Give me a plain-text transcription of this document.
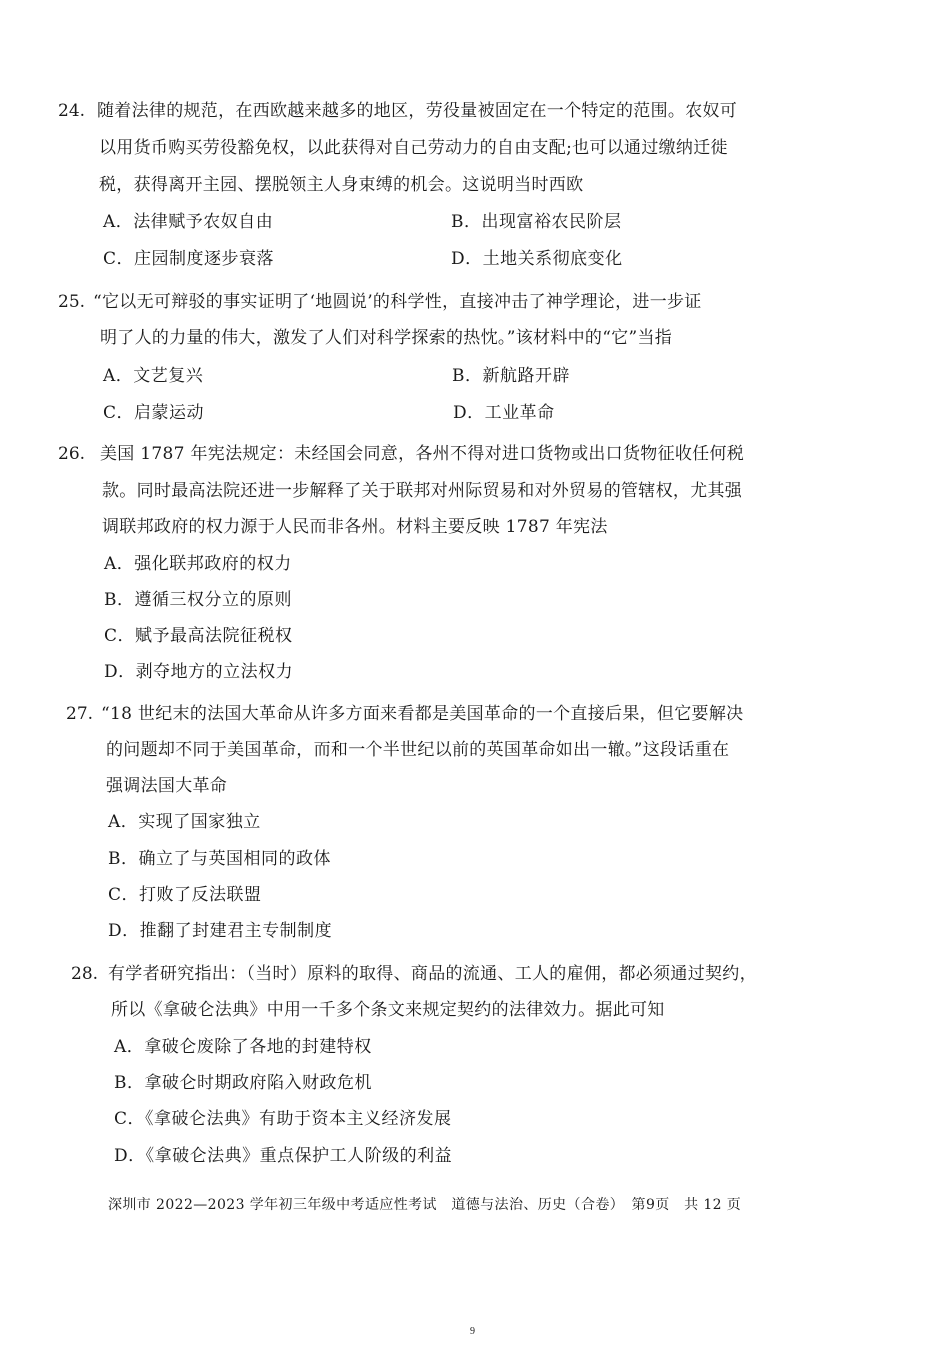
24. 随着法律的规范，在西欧越来越多的地区，劳役量被固定在一个特定的范围。农奴可
以用货币购买劳役豁免权，以此获得对自己劳动力的自由支配;也可以通过缴纳迁徙
税，获得离开主园、摆脱领主人身束缚的机会。这说明当时西欧
A．法律赋予农奴自由	B．出现富裕农民阶层
C．庄园制度逐步衰落	D．土地关系彻底变化
25. “它以无可辩驳的事实证明了‘地圆说’的科学性，直接冲击了神学理论，进一步证
明了人的力量的伟大，激发了人们对科学探索的热忱。”该材料中的“它”当指
A．文艺复兴	B．新航路开辟
C．启蒙运动	D．工业革命
26. 美国 1787 年宪法规定：未经国会同意，各州不得对进口货物或出口货物征收任何税
款。同时最高法院还进一步解释了关于联邦对州际贸易和对外贸易的管辖权，尤其强
调联邦政府的权力源于人民而非各州。材料主要反映 1787 年宪法
A．强化联邦政府的权力
B．遵循三权分立的原则
C．赋予最高法院征税权
D．剥夺地方的立法权力
27. “18 世纪末的法国大革命从许多方面来看都是美国革命的一个直接后果，但它要解决
的问题却不同于美国革命，而和一个半世纪以前的英国革命如出一辙。”这段话重在
强调法国大革命
A．实现了国家独立
B．确立了与英国相同的政体
C．打败了反法联盟
D．推翻了封建君主专制制度
28. 有学者研究指出：（当时）原料的取得、商品的流通、工人的雇佣，都必须通过契约，
所以《拿破仑法典》中用一千多个条文来规定契约的法律效力。据此可知
A．拿破仑废除了各地的封建特权
B．拿破仑时期政府陷入财政危机
C．《拿破仑法典》有助于资本主义经济发展
D．《拿破仑法典》重点保护工人阶级的利益
深圳市 2022—2023 学年初三年级中考适应性考试　道德与法治、历史（合卷）　第9页　共 12 页
9
